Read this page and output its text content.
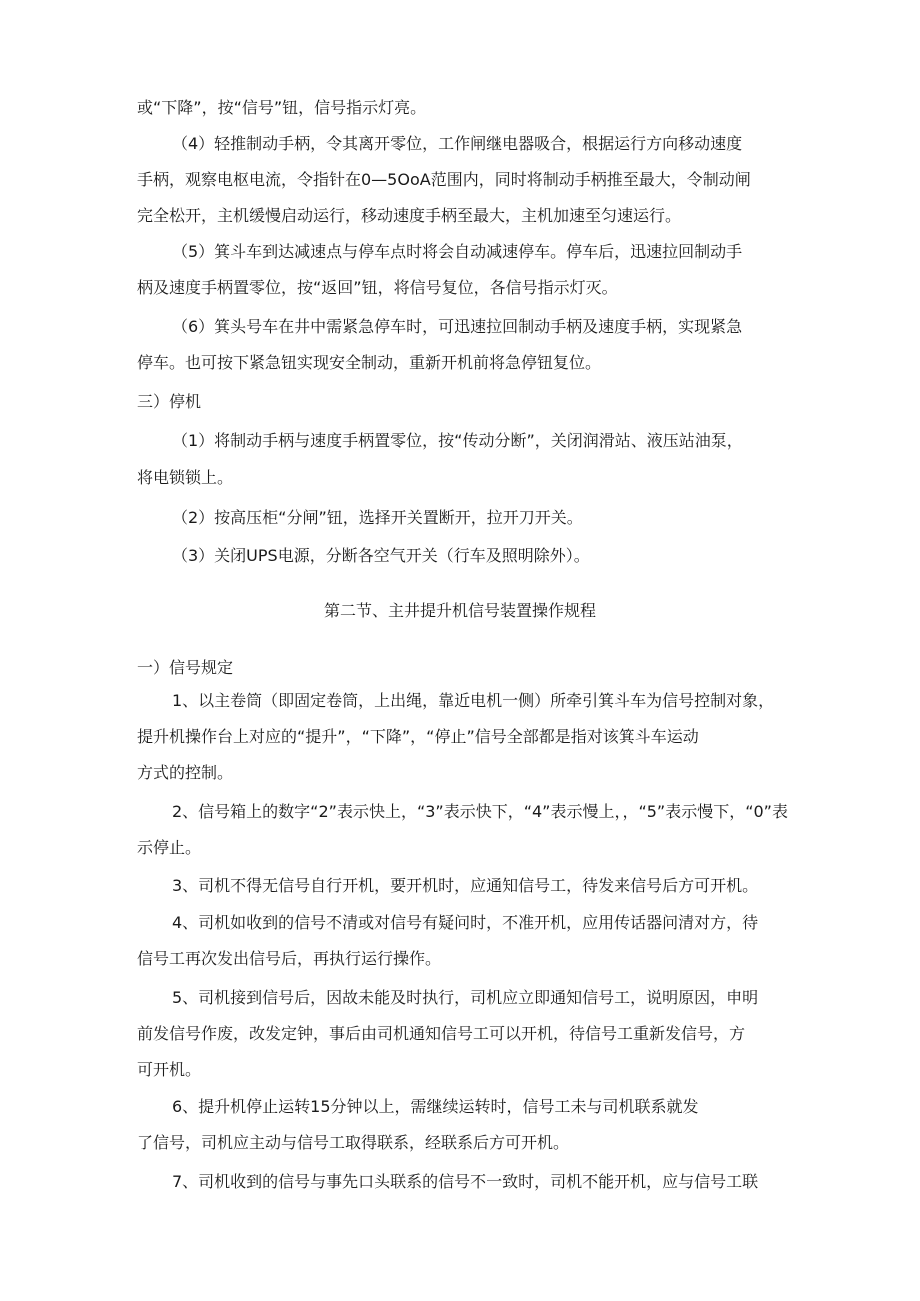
或“下降”，按“信号”钮，信号指示灯亮。
（4）轻推制动手柄，令其离开零位，工作闸继电器吸合，根据运行方向移动速度
手柄，观察电枢电流，令指针在0—5OoA范围内，同时将制动手柄推至最大，令制动闸
完全松开，主机缓慢启动运行，移动速度手柄至最大，主机加速至匀速运行。
（5）箕斗车到达减速点与停车点时将会自动减速停车。停车后，迅速拉回制动手
柄及速度手柄置零位，按“返回”钮，将信号复位，各信号指示灯灭。
（6）箕头号车在井中需紧急停车时，可迅速拉回制动手柄及速度手柄，实现紧急
停车。也可按下紧急钮实现安全制动，重新开机前将急停钮复位。
三）停机
（1）将制动手柄与速度手柄置零位，按“传动分断”，关闭润滑站、液压站油泵，
将电锁锁上。
（2）按高压柜“分闸”钮，选择开关置断开，拉开刀开关。
（3）关闭UPS电源，分断各空气开关（行车及照明除外）。
第二节、主井提升机信号装置操作规程
一）信号规定
1、以主卷筒（即固定卷筒，上出绳，靠近电机一侧）所牵引箕斗车为信号控制对象，
提升机操作台上对应的“提升”，“下降”，“停止”信号全部都是指对该箕斗车运动
方式的控制。
2、信号箱上的数字“2”表示快上，“3”表示快下，“4”表示慢上，，“5”表示慢下，“0”表
示停止。
3、司机不得无信号自行开机，要开机时，应通知信号工，待发来信号后方可开机。
4、司机如收到的信号不清或对信号有疑问时，不准开机，应用传话器问清对方，待
信号工再次发出信号后，再执行运行操作。
5、司机接到信号后，因故未能及时执行，司机应立即通知信号工，说明原因，申明
前发信号作废，改发定钟，事后由司机通知信号工可以开机，待信号工重新发信号，方
可开机。
6、提升机停止运转15分钟以上，需继续运转时，信号工未与司机联系就发
了信号，司机应主动与信号工取得联系，经联系后方可开机。
7、司机收到的信号与事先口头联系的信号不一致时，司机不能开机，应与信号工联
